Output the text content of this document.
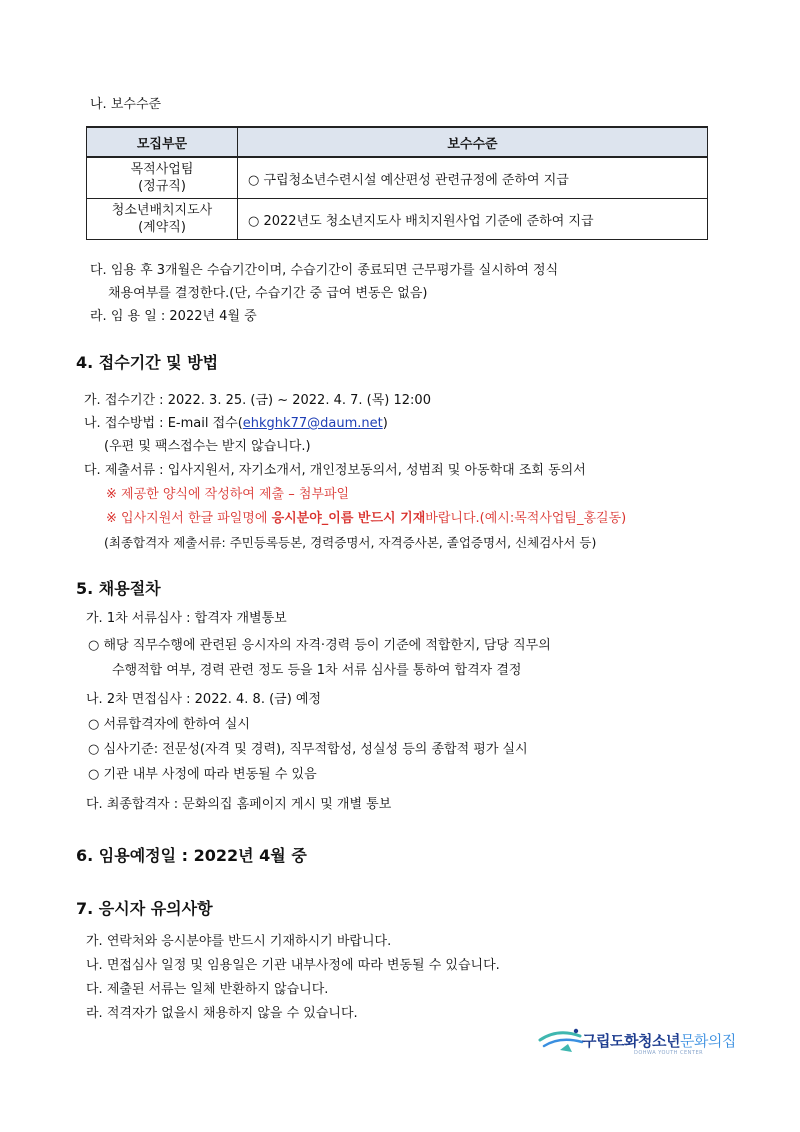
나. 보수수준
모집부문	보수수준
목적사업팀
(정규직)	○ 구립청소년수련시설 예산편성 관련규정에 준하여 지급
청소년배치지도사
(계약직)	○ 2022년도 청소년지도사 배치지원사업 기준에 준하여 지급
다. 임용 후 3개월은 수습기간이며, 수습기간이 종료되면 근무평가를 실시하여 정식
채용여부를 결정한다.(단, 수습기간 중 급여 변동은 없음)
라. 임 용 일 : 2022년 4월 중
4. 접수기간 및 방법
가. 접수기간 : 2022. 3. 25. (금) ~ 2022. 4. 7. (목) 12:00
나. 접수방법 : E-mail 접수(ehkghk77@daum.net)
(우편 및 팩스접수는 받지 않습니다.)
다. 제출서류 : 입사지원서, 자기소개서, 개인정보동의서, 성범죄 및 아동학대 조회 동의서
※ 제공한 양식에 작성하여 제출 – 첨부파일
※ 입사지원서 한글 파일명에 응시분야_이름 반드시 기재바랍니다.(예시:목적사업팀_홍길동)
(최종합격자 제출서류: 주민등록등본, 경력증명서, 자격증사본, 졸업증명서, 신체검사서 등)
5. 채용절차
가. 1차 서류심사 : 합격자 개별통보
○ 해당 직무수행에 관련된 응시자의 자격·경력 등이 기준에 적합한지, 담당 직무의
수행적합 여부, 경력 관련 정도 등을 1차 서류 심사를 통하여 합격자 결정
나. 2차 면접심사 : 2022. 4. 8. (금) 예정
○ 서류합격자에 한하여 실시
○ 심사기준: 전문성(자격 및 경력), 직무적합성, 성실성 등의 종합적 평가 실시
○ 기관 내부 사정에 따라 변동될 수 있음
다. 최종합격자 : 문화의집 홈페이지 게시 및 개별 통보
6. 임용예정일 : 2022년 4월 중
7. 응시자 유의사항
가. 연락처와 응시분야를 반드시 기재하시기 바랍니다.
나. 면접심사 일정 및 임용일은 기관 내부사정에 따라 변동될 수 있습니다.
다. 제출된 서류는 일체 반환하지 않습니다.
라. 적격자가 없을시 채용하지 않을 수 있습니다.
구립도화청소년문화의집
DOHWA YOUTH CENTER
